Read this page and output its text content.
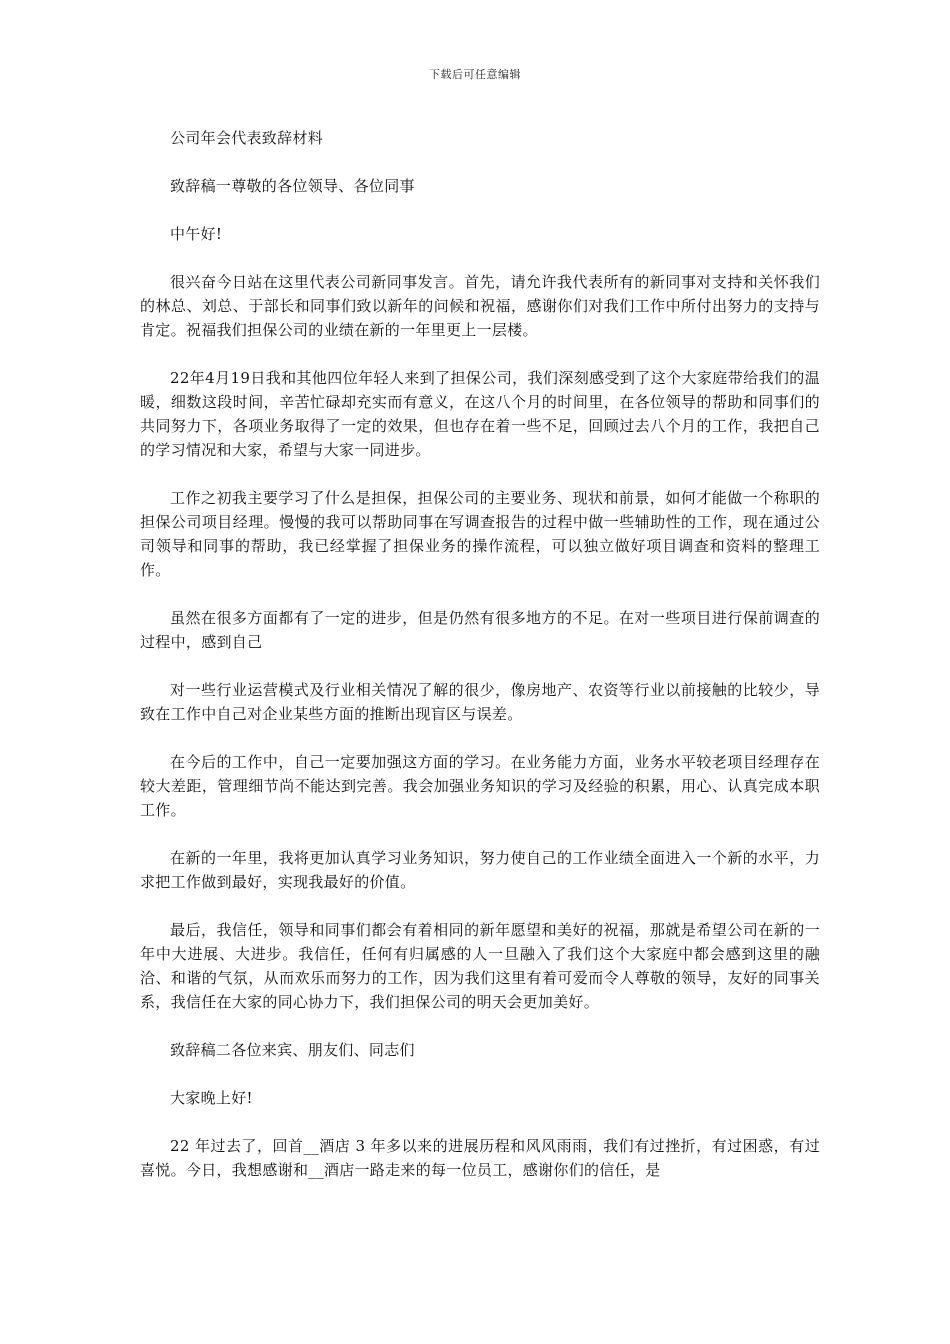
下载后可任意编辑

公司年会代表致辞材料

致辞稿一尊敬的各位领导、各位同事

中午好!

很兴奋今日站在这里代表公司新同事发言。首先，请允许我代表所有的新同事对支持和关怀我们的林总、刘总、于部长和同事们致以新年的问候和祝福，感谢你们对我们工作中所付出努力的支持与肯定。祝福我们担保公司的业绩在新的一年里更上一层楼。

22年4月19日我和其他四位年轻人来到了担保公司，我们深刻感受到了这个大家庭带给我们的温暖，细数这段时间，辛苦忙碌却充实而有意义，在这八个月的时间里，在各位领导的帮助和同事们的共同努力下，各项业务取得了一定的效果，但也存在着一些不足，回顾过去八个月的工作，我把自己的学习情况和大家，希望与大家一同进步。

工作之初我主要学习了什么是担保，担保公司的主要业务、现状和前景，如何才能做一个称职的担保公司项目经理。慢慢的我可以帮助同事在写调查报告的过程中做一些辅助性的工作，现在通过公司领导和同事的帮助，我已经掌握了担保业务的操作流程，可以独立做好项目调查和资料的整理工作。

虽然在很多方面都有了一定的进步，但是仍然有很多地方的不足。在对一些项目进行保前调查的过程中，感到自己

对一些行业运营模式及行业相关情况了解的很少，像房地产、农资等行业以前接触的比较少，导致在工作中自己对企业某些方面的推断出现盲区与误差。

在今后的工作中，自己一定要加强这方面的学习。在业务能力方面，业务水平较老项目经理存在较大差距，管理细节尚不能达到完善。我会加强业务知识的学习及经验的积累，用心、认真完成本职工作。

在新的一年里，我将更加认真学习业务知识，努力使自己的工作业绩全面进入一个新的水平，力求把工作做到最好，实现我最好的价值。

最后，我信任，领导和同事们都会有着相同的新年愿望和美好的祝福，那就是希望公司在新的一年中大进展、大进步。我信任，任何有归属感的人一旦融入了我们这个大家庭中都会感到这里的融洽、和谐的气氛，从而欢乐而努力的工作，因为我们这里有着可爱而令人尊敬的领导，友好的同事关系，我信任在大家的同心协力下，我们担保公司的明天会更加美好。

致辞稿二各位来宾、朋友们、同志们

大家晚上好!

22 年过去了，回首__酒店 3 年多以来的进展历程和风风雨雨，我们有过挫折，有过困惑，有过喜悦。今日，我想感谢和__酒店一路走来的每一位员工，感谢你们的信任，是
